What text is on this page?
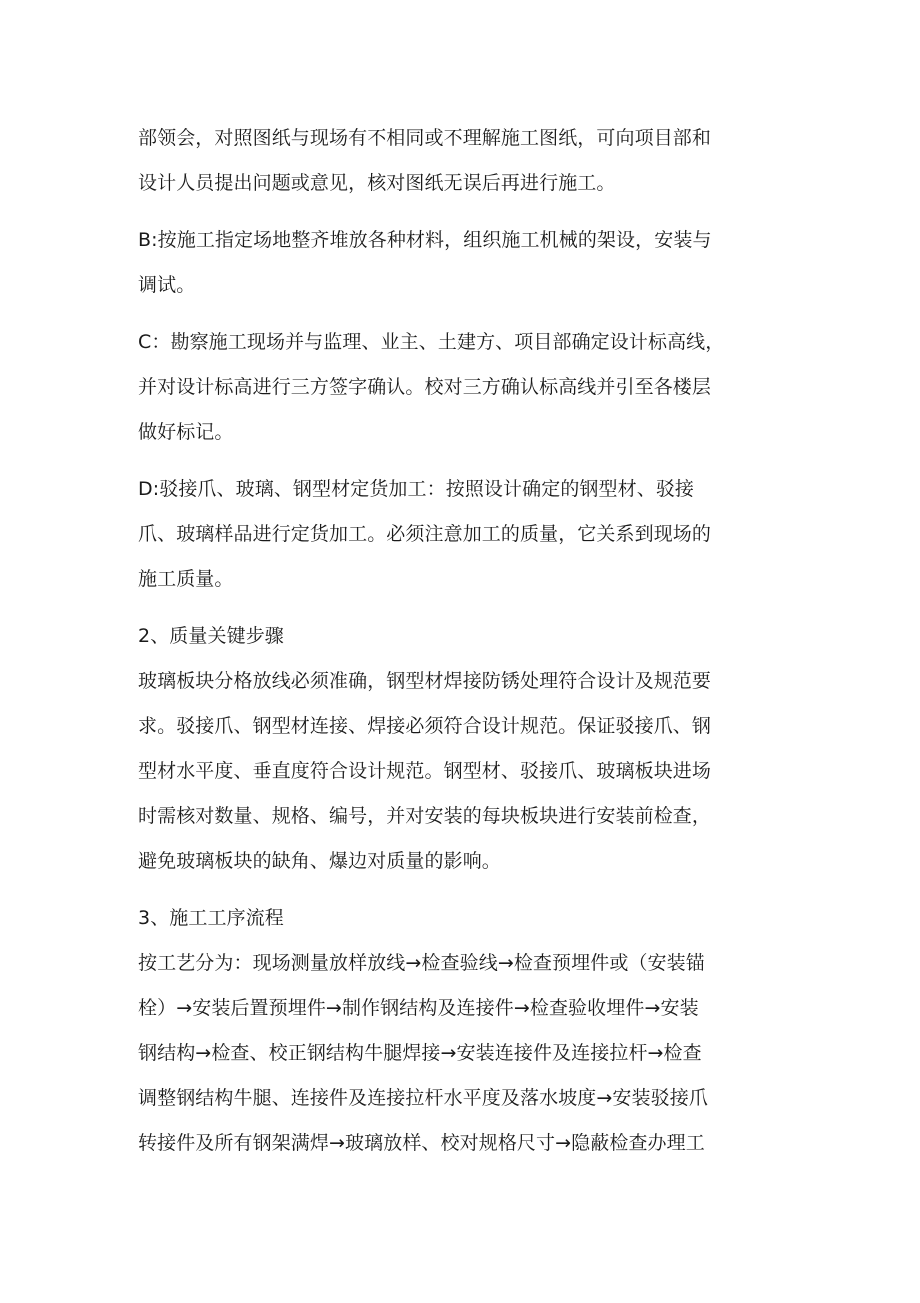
部领会，对照图纸与现场有不相同或不理解施工图纸，可向项目部和
设计人员提出问题或意见，核对图纸无误后再进行施工。
B:按施工指定场地整齐堆放各种材料，组织施工机械的架设，安装与
调试。
C：勘察施工现场并与监理、业主、土建方、项目部确定设计标高线，
并对设计标高进行三方签字确认。校对三方确认标高线并引至各楼层
做好标记。
D:驳接爪、玻璃、钢型材定货加工：按照设计确定的钢型材、驳接
爪、玻璃样品进行定货加工。必须注意加工的质量，它关系到现场的
施工质量。
2、质量关键步骤
玻璃板块分格放线必须准确，钢型材焊接防锈处理符合设计及规范要
求。驳接爪、钢型材连接、焊接必须符合设计规范。保证驳接爪、钢
型材水平度、垂直度符合设计规范。钢型材、驳接爪、玻璃板块进场
时需核对数量、规格、编号，并对安装的每块板块进行安装前检查，
避免玻璃板块的缺角、爆边对质量的影响。
3、施工工序流程
按工艺分为：现场测量放样放线→检查验线→检查预埋件或（安装锚
栓）→安装后置预埋件→制作钢结构及连接件→检查验收埋件→安装
钢结构→检查、校正钢结构牛腿焊接→安装连接件及连接拉杆→检查
调整钢结构牛腿、连接件及连接拉杆水平度及落水坡度→安装驳接爪
转接件及所有钢架满焊→玻璃放样、校对规格尺寸→隐蔽检查办理工
